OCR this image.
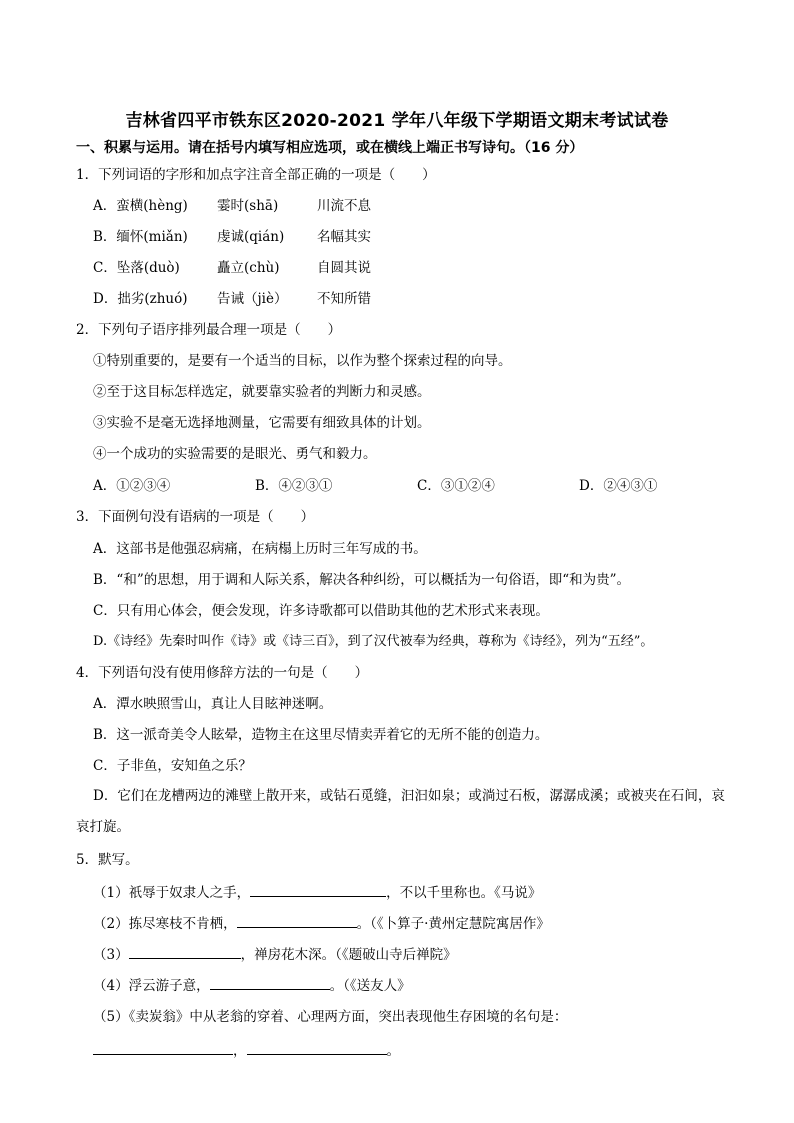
吉林省四平市铁东区2020-2021 学年八年级下学期语文期末考试试卷
一、积累与运用。请在括号内填写相应选项，或在横线上端正书写诗句。（16 分）
1．下列词语的字形和加点字注音全部正确的一项是（　　）
A．蛮横(hèng) 霎时(shā)	川流不息
B．缅怀(miǎn) 虔诚(qián) 名幅其实
C．坠落(duò)	矗立(chù)	自圆其说
D．拙劣(zhuó) 告诫（jiè） 不知所错
2．下列句子语序排列最合理一项是（　　）
①特别重要的，是要有一个适当的目标，以作为整个探索过程的向导。
②至于这目标怎样选定，就要靠实验者的判断力和灵感。
③实验不是毫无选择地测量，它需要有细致具体的计划。
④一个成功的实验需要的是眼光、勇气和毅力。
A．①②③④	B．④②③①	C．③①②④	D．②④③①
3．下面例句没有语病的一项是（　　）
A．这部书是他强忍病痛，在病榻上历时三年写成的书。
B．“和”的思想，用于调和人际关系，解决各种纠纷，可以概括为一句俗语，即“和为贵”。
C．只有用心体会，便会发现，许多诗歌都可以借助其他的艺术形式来表现。
D.《诗经》先秦时叫作《诗》或《诗三百》，到了汉代被奉为经典，尊称为《诗经》，列为“五经”。
4．下列语句没有使用修辞方法的一句是（　　）
A．潭水映照雪山，真让人目眩神迷啊。
B．这一派奇美令人眩晕，造物主在这里尽情卖弄着它的无所不能的创造力。
C．子非鱼，安知鱼之乐？
D．它们在龙槽两边的滩壁上散开来，或钻石觅缝，汩汩如泉；或淌过石板，潺潺成溪；或被夹在石间，哀哀打旋。
5．默写。
（1）祇辱于奴隶人之手，	，不以千里称也。《马说》
（2）拣尽寒枝不肯栖，	。（《卜算子·黄州定慧院寓居作》
（3）	，禅房花木深。（《题破山寺后禅院》
（4）浮云游子意，	。（《送友人》
（5）《卖炭翁》中从老翁的穿着、心理两方面，突出表现他生存困境的名句是：
，	。
